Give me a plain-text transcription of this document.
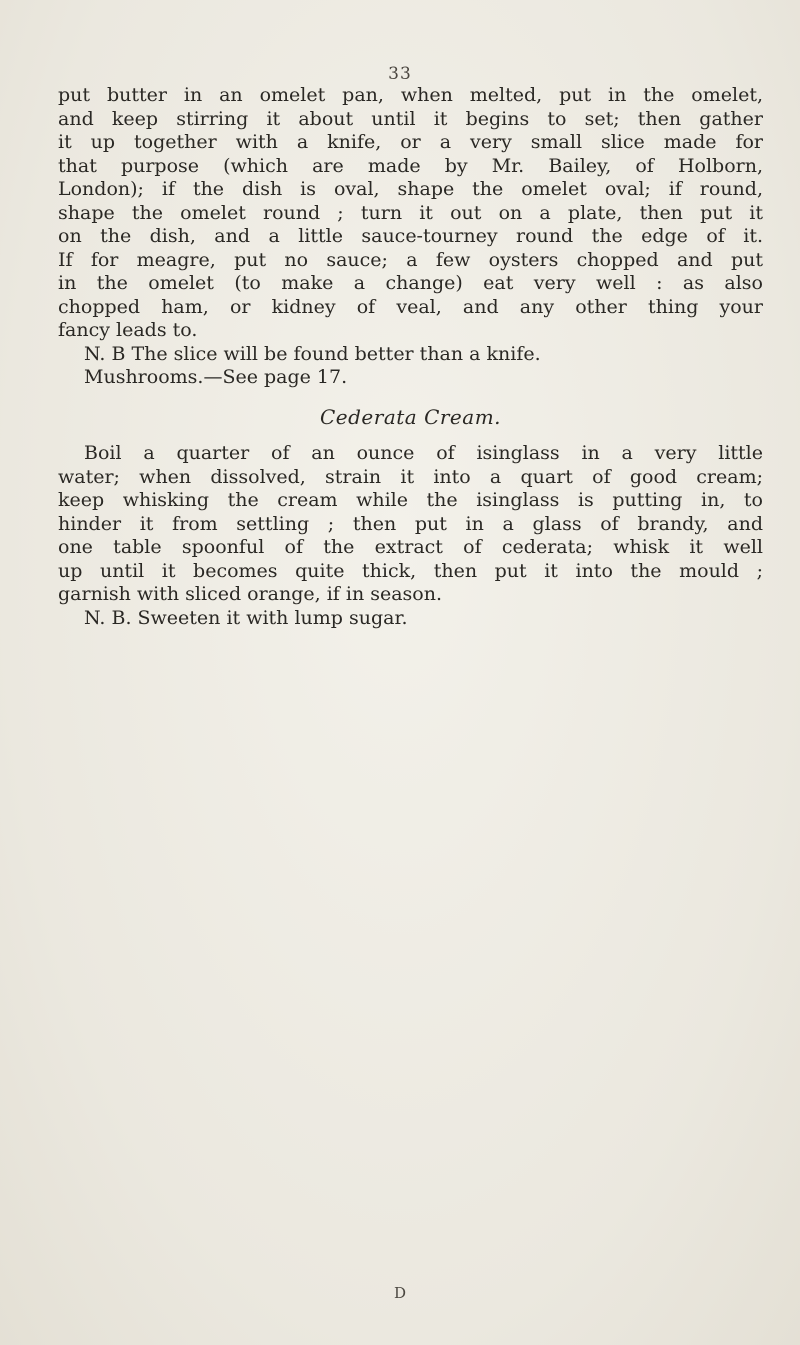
33
put butter in an omelet pan, when melted, put in the omelet,
and keep stirring it about until it begins to set; then gather
it up together with a knife, or a very small slice made for
that purpose (which are made by Mr. Bailey, of Holborn,
London); if the dish is oval, shape the omelet oval; if round,
shape the omelet round ; turn it out on a plate, then put it
on the dish, and a little sauce-tourney round the edge of it.
If for meagre, put no sauce; a few oysters chopped and put
in the omelet (to make a change) eat very well : as also
chopped ham, or kidney of veal, and any other thing your
fancy leads to.
N. B The slice will be found better than a knife.
Mushrooms.—See page 17.
Cederata Cream.
Boil a quarter of an ounce of isinglass in a very little
water; when dissolved, strain it into a quart of good cream;
keep whisking the cream while the isinglass is putting in, to
hinder it from settling ; then put in a glass of brandy, and
one table spoonful of the extract of cederata; whisk it well
up until it becomes quite thick, then put it into the mould ;
garnish with sliced orange, if in season.
N. B. Sweeten it with lump sugar.
D
